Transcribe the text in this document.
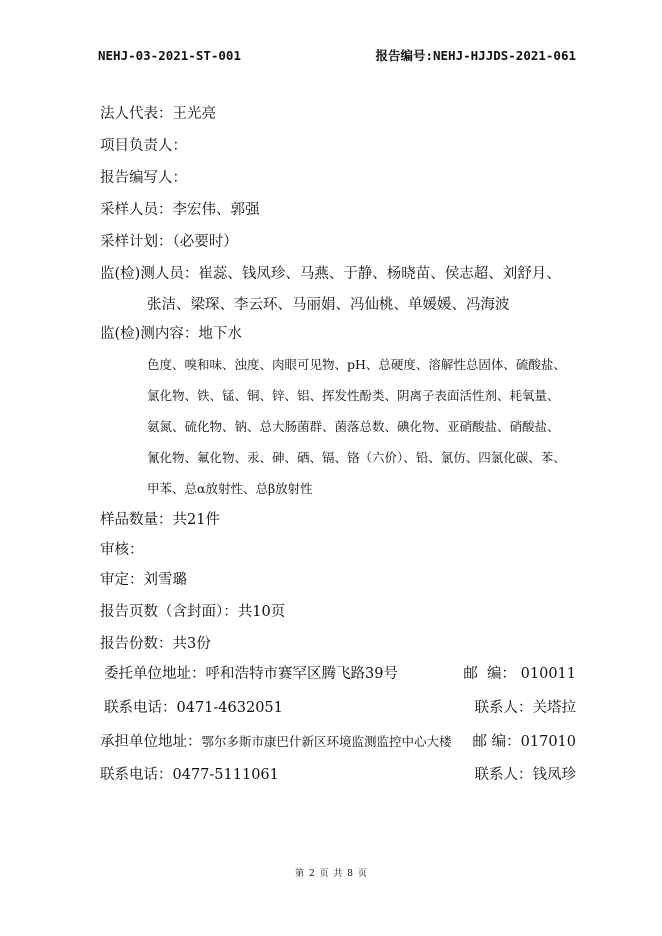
NEHJ-03-2021-ST-001	报告编号:NEHJ-HJJDS-2021-061
法人代表：王光亮
项目负责人：
报告编写人：
采样人员：李宏伟、郭强
采样计划：（必要时）
监(检)测人员：崔蕊、钱凤珍、马燕、于静、杨晓苗、侯志超、刘舒月、
张洁、梁琛、李云环、马丽娟、冯仙桃、单媛媛、冯海波
监(检)测内容：地下水
色度、嗅和味、浊度、肉眼可见物、pH、总硬度、溶解性总固体、硫酸盐、
氯化物、铁、锰、铜、锌、铝、挥发性酚类、阴离子表面活性剂、耗氧量、
氨氮、硫化物、钠、总大肠菌群、菌落总数、碘化物、亚硝酸盐、硝酸盐、
氰化物、氟化物、汞、砷、硒、镉、铬（六价）、铅、氯仿、四氯化碳、苯、
甲苯、总α放射性、总β放射性
样品数量：共21件
审核：
审定：刘雪璐
报告页数（含封面）：共10页
报告份数：共3份
委托单位地址：呼和浩特市赛罕区腾飞路39号	邮  编： 010011
联系电话：0471-4632051	联系人：关塔拉
承担单位地址：鄂尔多斯市康巴什新区环境监测监控中心大楼 邮 编：017010
联系电话：0477-5111061	联系人：钱凤珍
第 2 页 共 8 页
